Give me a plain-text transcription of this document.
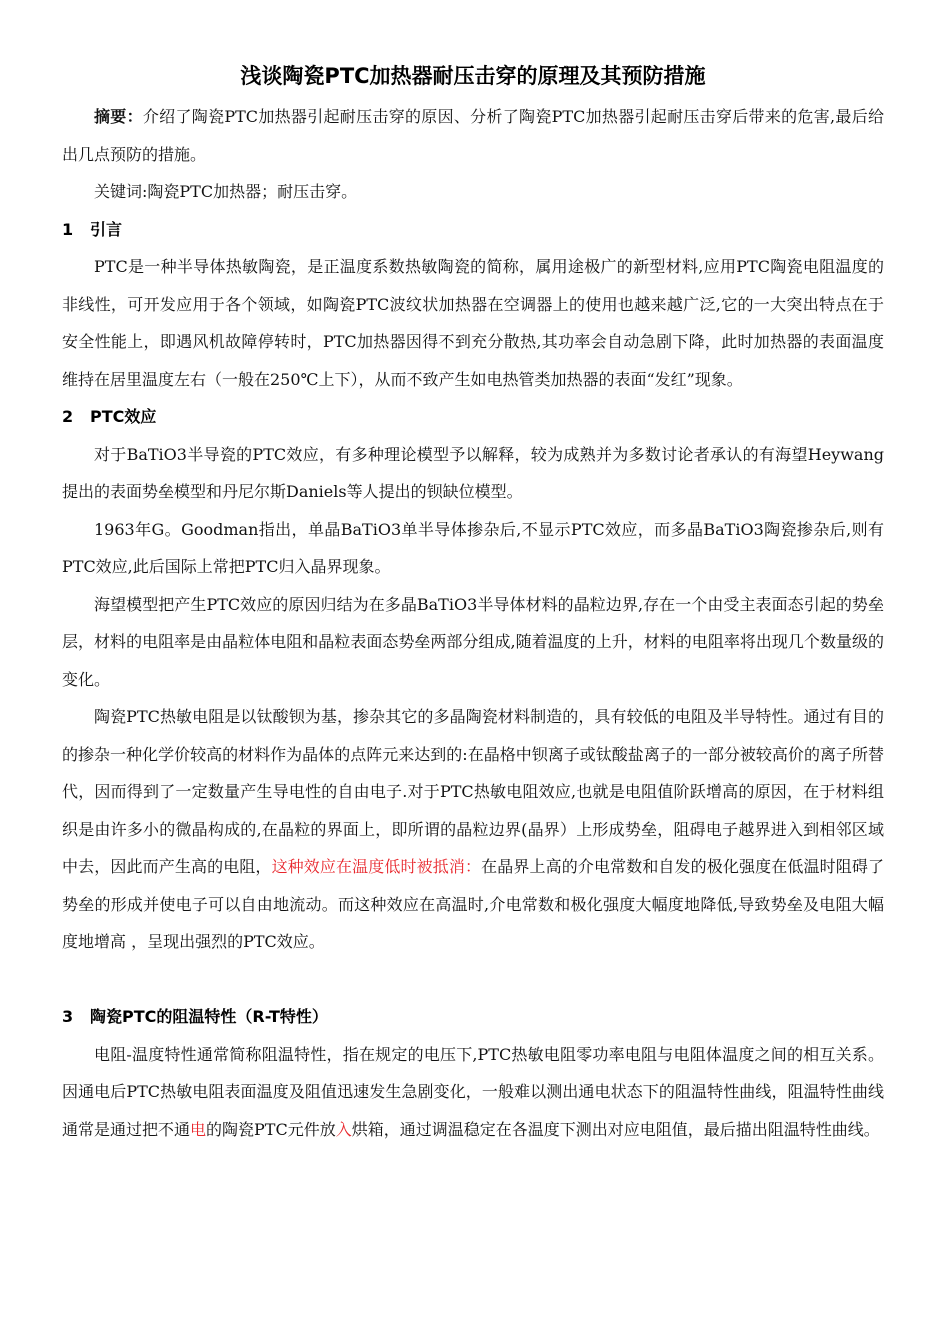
浅谈陶瓷PTC加热器耐压击穿的原理及其预防措施

摘要：介绍了陶瓷PTC加热器引起耐压击穿的原因、分析了陶瓷PTC加热器引起耐压击穿后带来的危害,最后给出几点预防的措施。

关键词:陶瓷PTC加热器；耐压击穿。

1 引言

PTC是一种半导体热敏陶瓷，是正温度系数热敏陶瓷的简称，属用途极广的新型材料,应用PTC陶瓷电阻温度的非线性，可开发应用于各个领域，如陶瓷PTC波纹状加热器在空调器上的使用也越来越广泛,它的一大突出特点在于安全性能上，即遇风机故障停转时，PTC加热器因得不到充分散热,其功率会自动急剧下降，此时加热器的表面温度维持在居里温度左右（一般在250℃上下），从而不致产生如电热管类加热器的表面“发红”现象。

2 PTC效应

对于BaTiO3半导瓷的PTC效应，有多种理论模型予以解释，较为成熟并为多数讨论者承认的有海望Heywang提出的表面势垒模型和丹尼尔斯Daniels等人提出的钡缺位模型。

1963年G。Goodman指出，单晶BaTiO3单半导体掺杂后,不显示PTC效应，而多晶BaTiO3陶瓷掺杂后,则有PTC效应,此后国际上常把PTC归入晶界现象。

海望模型把产生PTC效应的原因归结为在多晶BaTiO3半导体材料的晶粒边界,存在一个由受主表面态引起的势垒层，材料的电阻率是由晶粒体电阻和晶粒表面态势垒两部分组成,随着温度的上升，材料的电阻率将出现几个数量级的变化。

陶瓷PTC热敏电阻是以钛酸钡为基，掺杂其它的多晶陶瓷材料制造的，具有较低的电阻及半导特性。通过有目的的掺杂一种化学价较高的材料作为晶体的点阵元来达到的:在晶格中钡离子或钛酸盐离子的一部分被较高价的离子所替代，因而得到了一定数量产生导电性的自由电子.对于PTC热敏电阻效应,也就是电阻值阶跃增高的原因，在于材料组织是由许多小的微晶构成的,在晶粒的界面上，即所谓的晶粒边界(晶界）上形成势垒，阻碍电子越界进入到相邻区域中去，因此而产生高的电阻，这种效应在温度低时被抵消：在晶界上高的介电常数和自发的极化强度在低温时阻碍了势垒的形成并使电子可以自由地流动。而这种效应在高温时,介电常数和极化强度大幅度地降低,导致势垒及电阻大幅度地增高 ，呈现出强烈的PTC效应。

3 陶瓷PTC的阻温特性（R-T特性）

电阻-温度特性通常简称阻温特性，指在规定的电压下,PTC热敏电阻零功率电阻与电阻体温度之间的相互关系。因通电后PTC热敏电阻表面温度及阻值迅速发生急剧变化，一般难以测出通电状态下的阻温特性曲线，阻温特性曲线通常是通过把不通电的陶瓷PTC元件放入烘箱，通过调温稳定在各温度下测出对应电阻值，最后描出阻温特性曲线。
